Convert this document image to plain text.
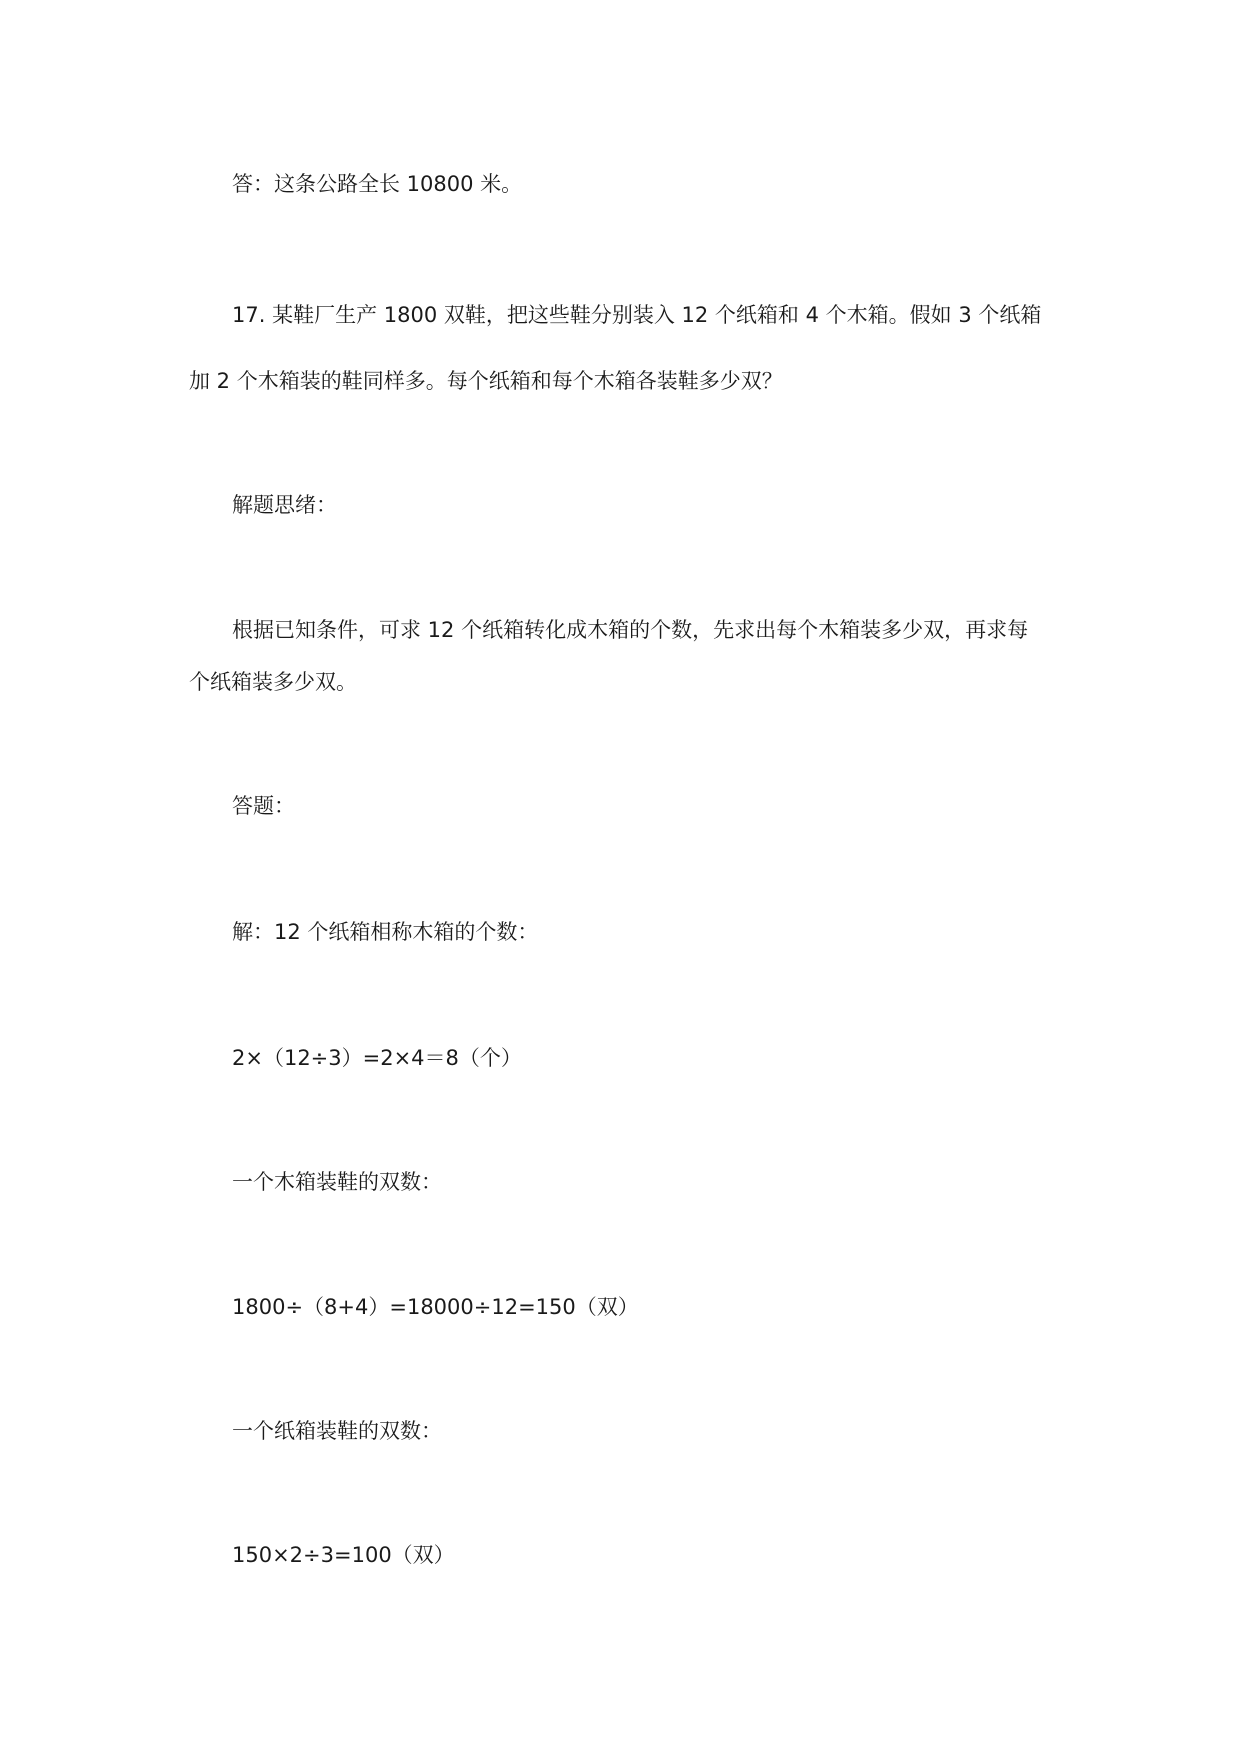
答：这条公路全长 10800 米。
17. 某鞋厂生产 1800 双鞋，把这些鞋分别装入 12 个纸箱和 4 个木箱。假如 3 个纸箱
加 2 个木箱装的鞋同样多。每个纸箱和每个木箱各装鞋多少双？
解题思绪：
根据已知条件，可求 12 个纸箱转化成木箱的个数，先求出每个木箱装多少双，再求每
个纸箱装多少双。
答题：
解：12 个纸箱相称木箱的个数：
2×（12÷3）=2×4＝8（个）
一个木箱装鞋的双数：
1800÷（8+4）=18000÷12=150（双）
一个纸箱装鞋的双数：
150×2÷3=100（双）
